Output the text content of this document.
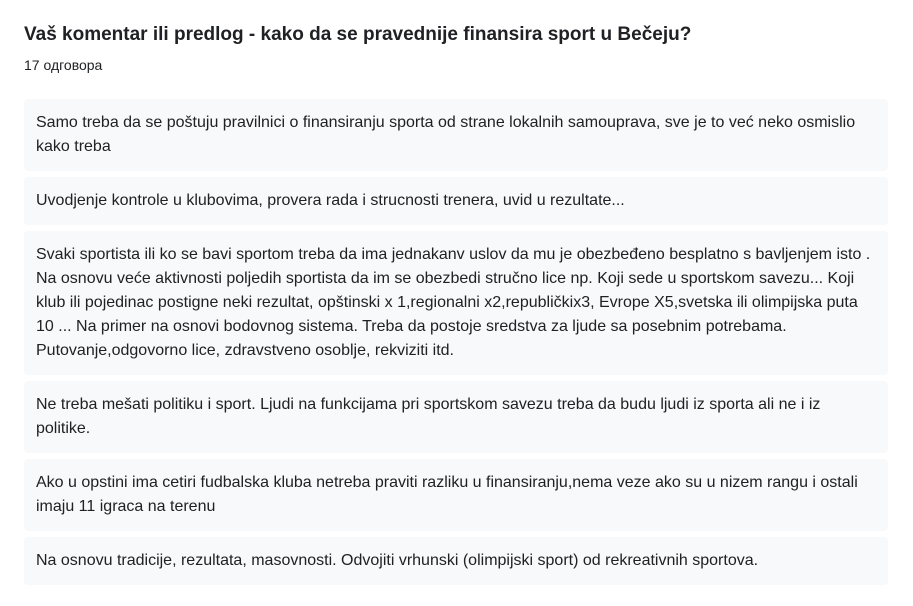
Vaš komentar ili predlog - kako da se pravednije finansira sport u Bečeju?
17 одговора
Samo treba da se poštuju pravilnici o finansiranju sporta od strane lokalnih samouprava, sve je to već neko osmislio kako treba
Uvodjenje kontrole u klubovima, provera rada i strucnosti trenera, uvid u rezultate...
Svaki sportista ili ko se bavi sportom treba da ima jednakanv uslov da mu je obezbeđeno besplatno s bavljenjem isto . Na osnovu veće aktivnosti poljedih sportista da im se obezbedi stručno lice np. Koji sede u sportskom savezu... Koji klub ili pojedinac postigne neki rezultat, opštinski x 1,regionalni x2,republičkix3, Evrope X5,svetska ili olimpijska puta 10 ... Na primer na osnovi bodovnog sistema. Treba da postoje sredstva za ljude sa posebnim potrebama. Putovanje,odgovorno lice, zdravstveno osoblje, rekviziti itd.
Ne treba mešati politiku i sport. Ljudi na funkcijama pri sportskom savezu treba da budu ljudi iz sporta ali ne i iz politike.
Ako u opstini ima cetiri fudbalska kluba netreba praviti razliku u finansiranju,nema veze ako su u nizem rangu i ostali imaju 11 igraca na terenu
Na osnovu tradicije, rezultata, masovnosti. Odvojiti vrhunski (olimpijski sport) od rekreativnih sportova.
